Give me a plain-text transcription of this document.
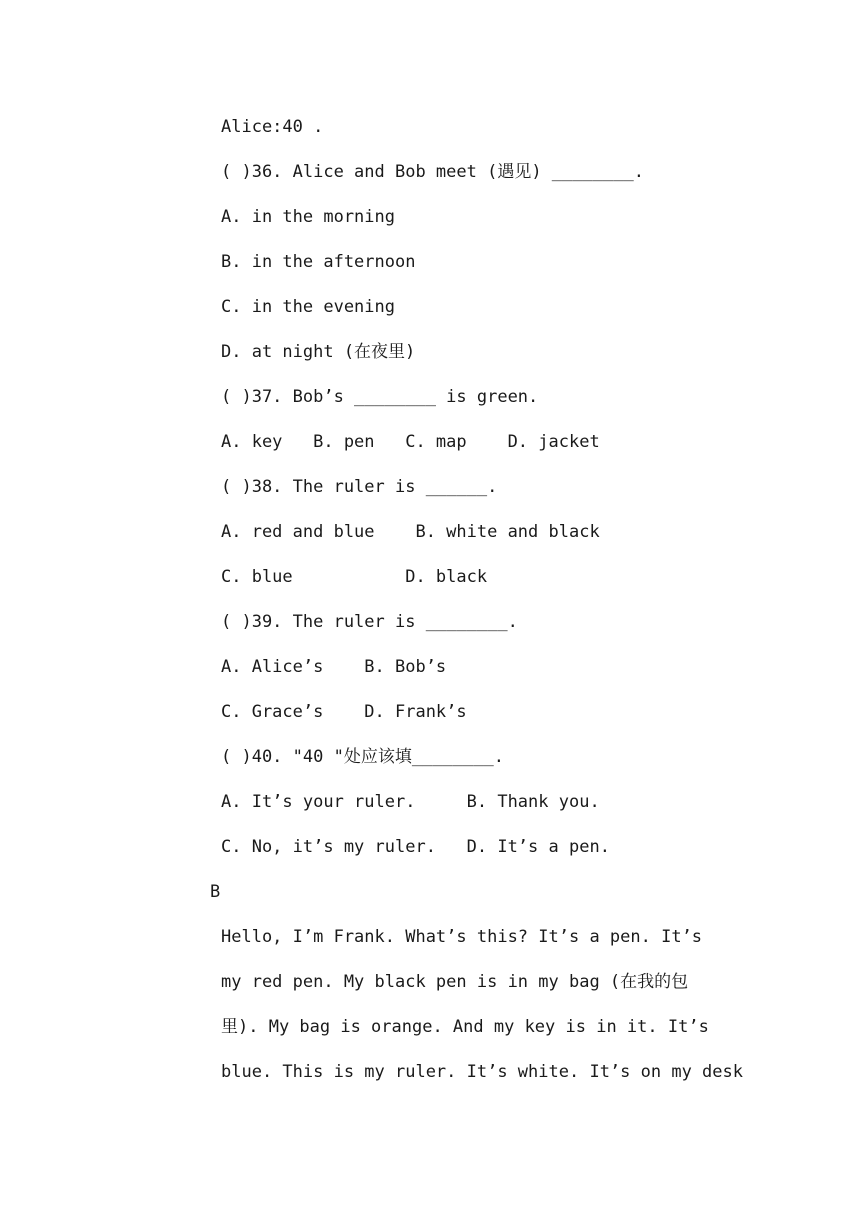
Alice:40 .
( )36. Alice and Bob meet (遇见) ________.
A. in the morning
B. in the afternoon
C. in the evening
D. at night (在夜里)
( )37. Bob’s ________ is green.
A. key   B. pen   C. map    D. jacket
( )38. The ruler is ______.
A. red and blue    B. white and black
C. blue           D. black
( )39. The ruler is ________.
A. Alice’s    B. Bob’s
C. Grace’s    D. Frank’s
( )40. "40 "处应该填________.
A. It’s your ruler.     B. Thank you.
C. No, it’s my ruler.   D. It’s a pen.
B
Hello, I’m Frank. What’s this? It’s a pen. It’s
my red pen. My black pen is in my bag (在我的包
里). My bag is orange. And my key is in it. It’s
blue. This is my ruler. It’s white. It’s on my desk
